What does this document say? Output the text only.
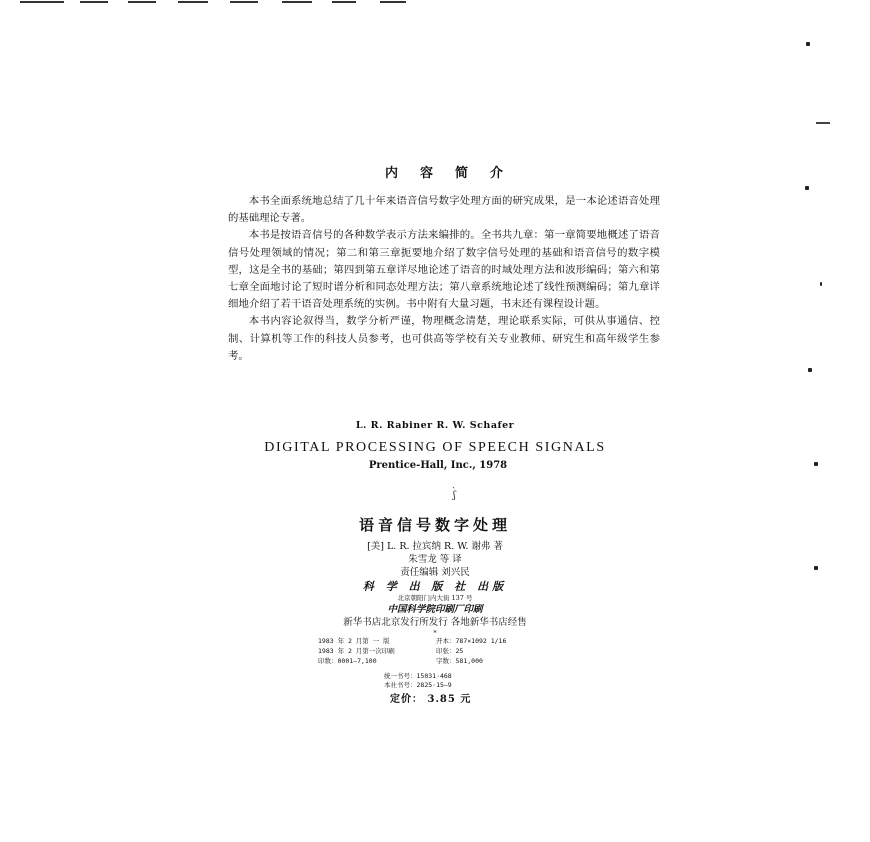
内容简介

本书全面系统地总结了几十年来语音信号数字处理方面的研究成果，是一本论述语音处理的基础理论专著。

本书是按语音信号的各种数学表示方法来编排的。全书共九章：第一章简要地概述了语音信号处理领域的情况；第二和第三章扼要地介绍了数字信号处理的基础和语音信号的数字模型，这是全书的基础；第四到第五章详尽地论述了语音的时域处理方法和波形编码；第六和第七章全面地讨论了短时谱分析和同态处理方法；第八章系统地论述了线性预测编码；第九章详细地介绍了若干语音处理系统的实例。书中附有大量习题，书末还有课程设计题。

本书内容论叙得当，数学分析严谨，物理概念清楚，理论联系实际，可供从事通信、控制、计算机等工作的科技人员参考，也可供高等学校有关专业教师、研究生和高年级学生参考。

L. R. Rabiner R. W. Schafer
DIGITAL PROCESSING OF SPEECH SIGNALS
Prentice-Hall, Inc., 1978
ˎ
ʃ
语音信号数字处理

[美] L. R. 拉宾纳 R. W. 谢弗 著

朱雪龙 等 译

责任编辑 刘兴民

科 学 出 版 社 出版

北京朝阳门内大街 137 号

中国科学院印刷厂印刷

新华书店北京发行所发行 各地新华书店经售

*

1983 年 2 月第 一 版	开本：787×1092 1/16
1983 年 2 月第一次印刷	印张：25
印数：0001—7,100	字数：581,000
统一书号：15031·468
本社书号：2825·15—9
定价： 3.85 元
